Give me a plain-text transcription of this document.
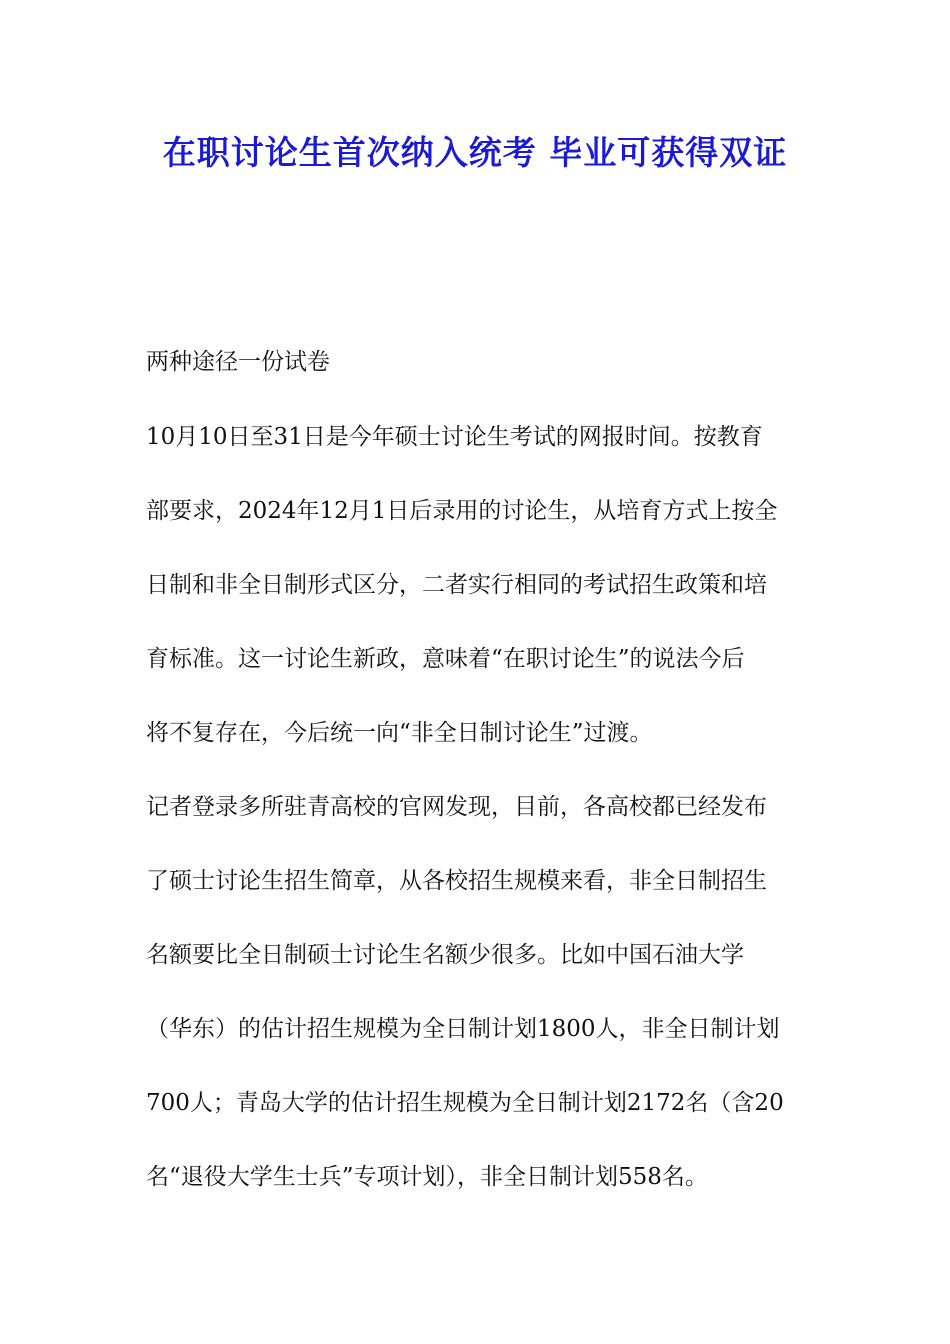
在职讨论生首次纳入统考 毕业可获得双证

两种途径一份试卷

10月10日至31日是今年硕士讨论生考试的网报时间。按教育
部要求，2024年12月1日后录用的讨论生，从培育方式上按全
日制和非全日制形式区分，二者实行相同的考试招生政策和培
育标准。这一讨论生新政，意味着“在职讨论生”的说法今后
将不复存在，今后统一向“非全日制讨论生”过渡。
记者登录多所驻青高校的官网发现，目前，各高校都已经发布
了硕士讨论生招生简章，从各校招生规模来看，非全日制招生
名额要比全日制硕士讨论生名额少很多。比如中国石油大学
（华东）的估计招生规模为全日制计划1800人，非全日制计划
700人；青岛大学的估计招生规模为全日制计划2172名（含20
名“退役大学生士兵”专项计划），非全日制计划558名。
